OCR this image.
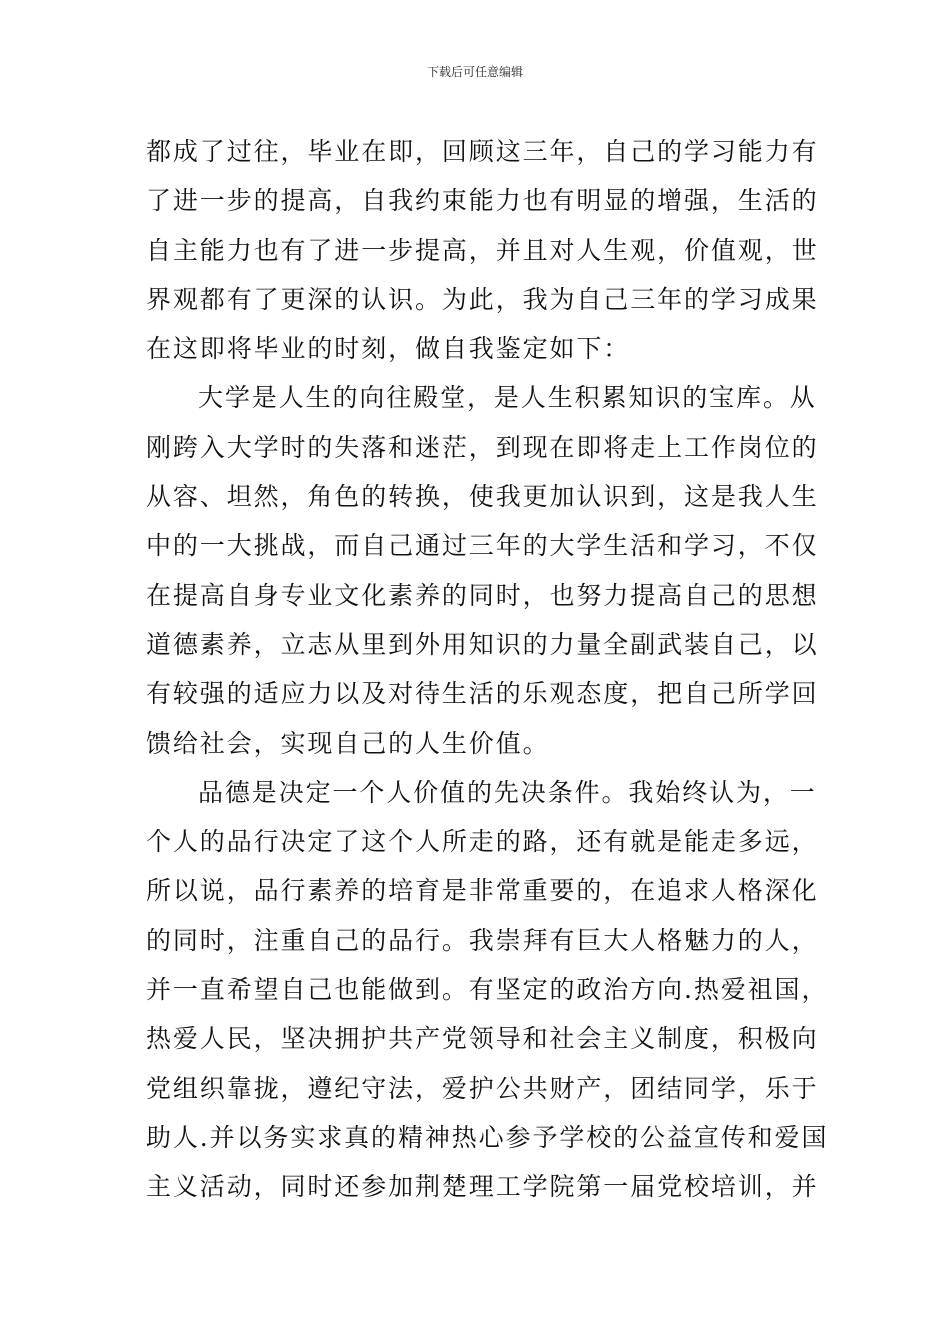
下载后可任意编辑
都成了过往，毕业在即，回顾这三年，自己的学习能力有
了进一步的提高，自我约束能力也有明显的增强，生活的
自主能力也有了进一步提高，并且对人生观，价值观，世
界观都有了更深的认识。为此，我为自己三年的学习成果
在这即将毕业的时刻，做自我鉴定如下：
大学是人生的向往殿堂，是人生积累知识的宝库。从
刚跨入大学时的失落和迷茫，到现在即将走上工作岗位的
从容、坦然，角色的转换，使我更加认识到，这是我人生
中的一大挑战，而自己通过三年的大学生活和学习，不仅
在提高自身专业文化素养的同时，也努力提高自己的思想
道德素养，立志从里到外用知识的力量全副武装自己，以
有较强的适应力以及对待生活的乐观态度，把自己所学回
馈给社会，实现自己的人生价值。
品德是决定一个人价值的先决条件。我始终认为，一
个人的品行决定了这个人所走的路，还有就是能走多远，
所以说，品行素养的培育是非常重要的，在追求人格深化
的同时，注重自己的品行。我崇拜有巨大人格魅力的人，
并一直希望自己也能做到。有坚定的政治方向.热爱祖国，
热爱人民，坚决拥护共产党领导和社会主义制度，积极向
党组织靠拢，遵纪守法，爱护公共财产，团结同学，乐于
助人.并以务实求真的精神热心参予学校的公益宣传和爱国
主义活动，同时还参加荆楚理工学院第一届党校培训，并
